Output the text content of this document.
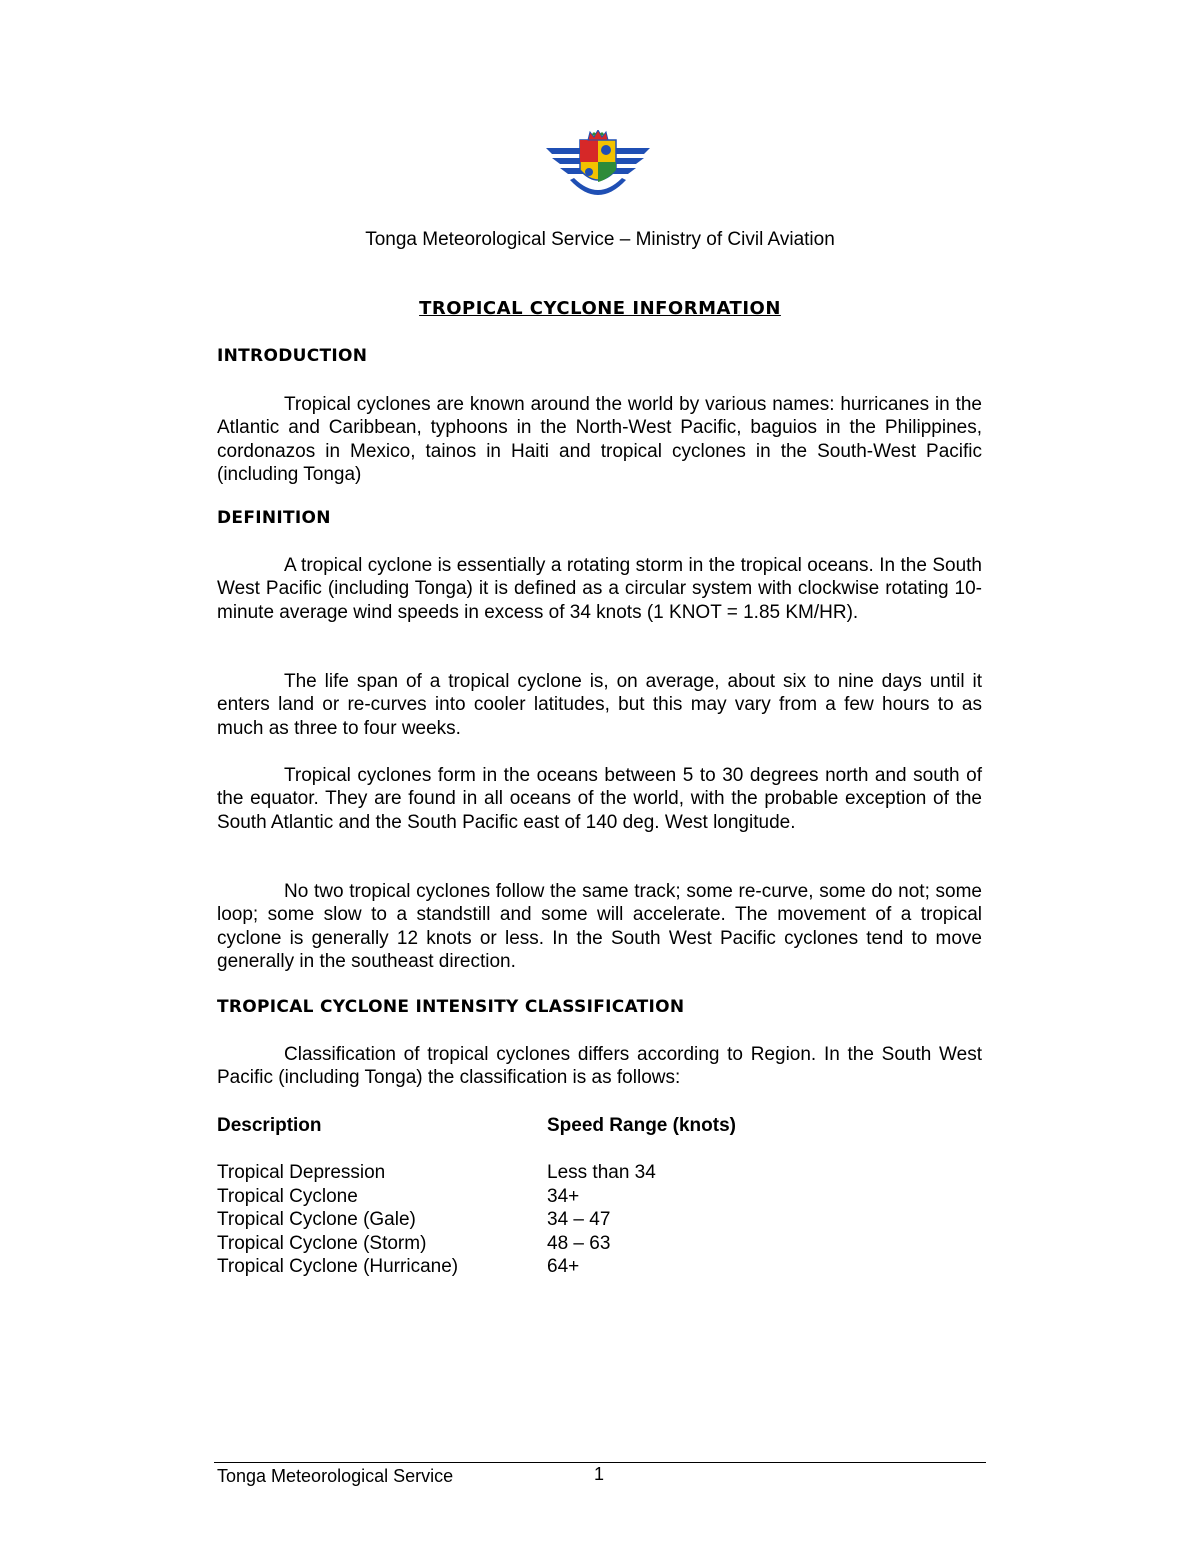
Tonga Meteorological Service – Ministry of Civil Aviation
TROPICAL CYCLONE INFORMATION
INTRODUCTION

Tropical cyclones are known around the world by various names: hurricanes in the Atlantic and Caribbean, typhoons in the North-West Pacific, baguios in the Philippines, cordonazos in Mexico, tainos in Haiti and tropical cyclones in the South-West Pacific (including Tonga)

DEFINITION

A tropical cyclone is essentially a rotating storm in the tropical oceans. In the South West Pacific (including Tonga) it is defined as a circular system with clockwise rotating 10-minute average wind speeds in excess of 34 knots (1 KNOT = 1.85 KM/HR).

The life span of a tropical cyclone is, on average, about six to nine days until it enters land or re-curves into cooler latitudes, but this may vary from a few hours to as much as three to four weeks.

Tropical cyclones form in the oceans between 5 to 30 degrees north and south of the equator. They are found in all oceans of the world, with the probable exception of the South Atlantic and the South Pacific east of 140 deg. West longitude.

No two tropical cyclones follow the same track; some re-curve, some do not; some loop; some slow to a standstill and some will accelerate. The movement of a tropical cyclone is generally 12 knots or less. In the South West Pacific cyclones tend to move generally in the southeast direction.

TROPICAL CYCLONE INTENSITY CLASSIFICATION

Classification of tropical cyclones differs according to Region. In the South West Pacific (including Tonga) the classification is as follows:

Description	Speed Range (knots)
Tropical Depression	Less than 34
Tropical Cyclone	34+
Tropical Cyclone (Gale)	34 – 47
Tropical Cyclone (Storm)	48 – 63
Tropical Cyclone (Hurricane)	64+
Tonga Meteorological Service	1
